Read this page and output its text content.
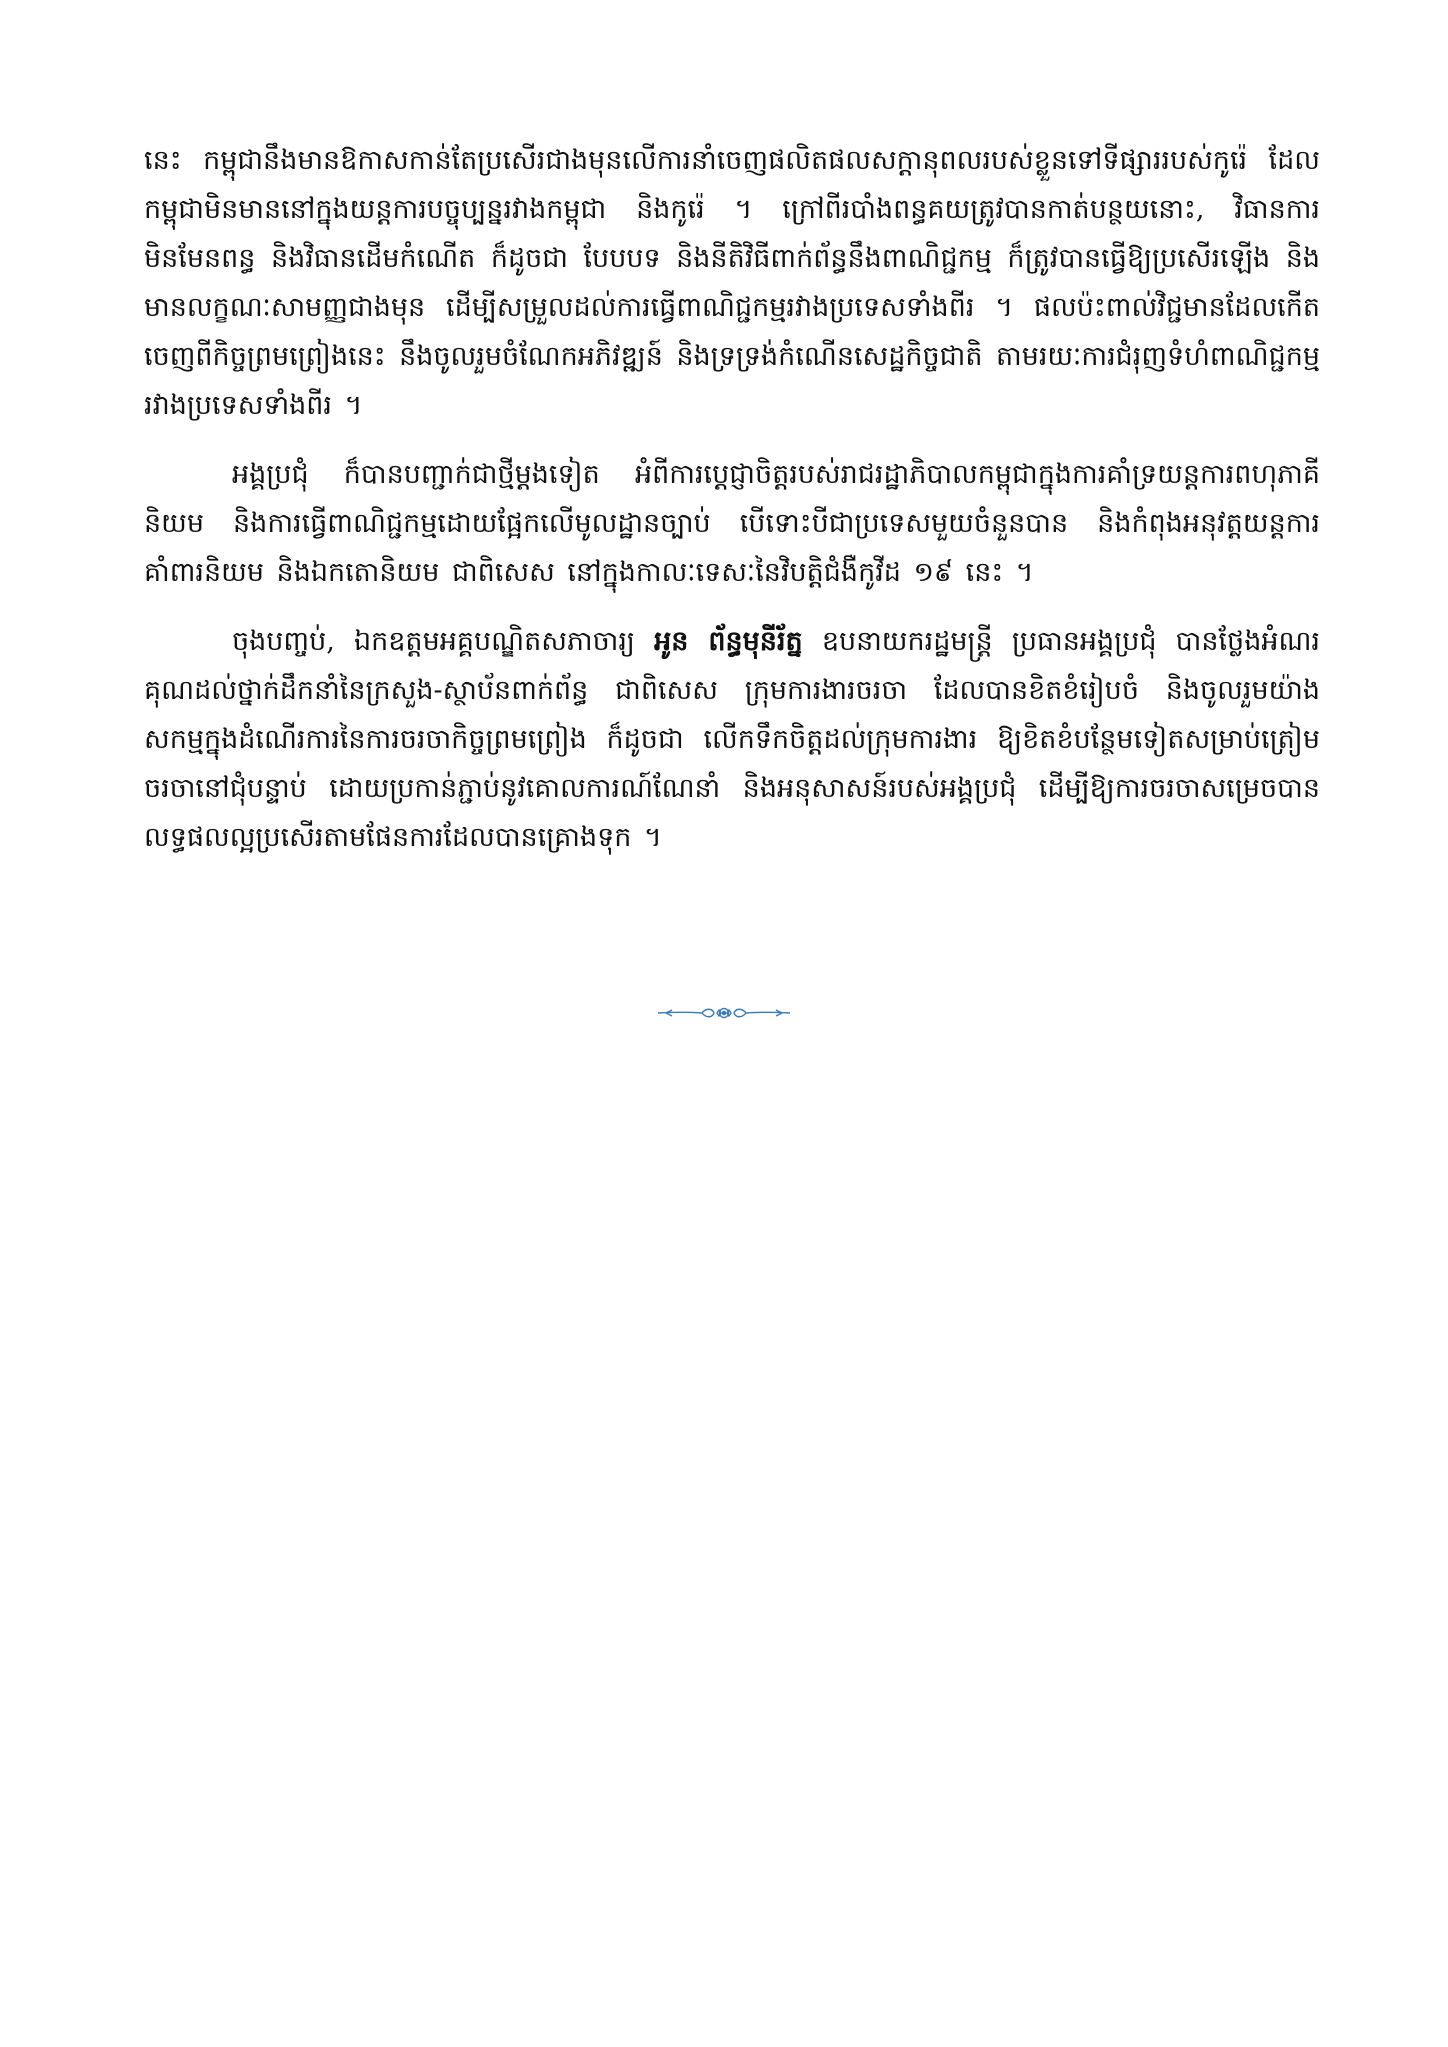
នេះ កម្ពុជានឹងមានឱកាសកាន់តែប្រសើរជាងមុនលើការនាំចេញផលិតផលសក្តានុពលរបស់ខ្លួនទៅទីផ្សាររបស់កូរ៉េ ដែលកម្ពុជាមិនមាននៅក្នុងយន្តការបច្ចុប្បន្នរវាងកម្ពុជា និងកូរ៉េ ។ ក្រៅពីរបាំងពន្ធគយត្រូវបានកាត់បន្ថយនោះ, វិធានការមិនមែនពន្ធ និងវិធានដើមកំណើត ក៏ដូចជា បែបបទ និងនីតិវិធីពាក់ព័ន្ធនឹងពាណិជ្ជកម្ម ក៏ត្រូវបានធ្វើឱ្យប្រសើរឡើង និងមានលក្ខណៈសាមញ្ញជាងមុន ដើម្បីសម្រួលដល់ការធ្វើពាណិជ្ជកម្មរវាងប្រទេសទាំងពីរ ។ ផលប៉ះពាល់វិជ្ជមានដែលកើតចេញពីកិច្ចព្រមព្រៀងនេះ នឹងចូលរួមចំណែកអភិវឌ្ឍន៍ និងទ្រទ្រង់កំណើនសេដ្ឋកិច្ចជាតិ តាមរយៈការជំរុញទំហំពាណិជ្ជកម្មរវាងប្រទេសទាំងពីរ ។

អង្គប្រជុំ ក៏បានបញ្ជាក់ជាថ្មីម្តងទៀត អំពីការប្តេជ្ញាចិត្តរបស់រាជរដ្ឋាភិបាលកម្ពុជាក្នុងការគាំទ្រយន្តការពហុភាគីនិយម និងការធ្វើពាណិជ្ជកម្មដោយផ្អែកលើមូលដ្ឋានច្បាប់ បើទោះបីជាប្រទេសមួយចំនួនបាន និងកំពុងអនុវត្តយន្តការគាំពារនិយម និងឯកតោនិយម ជាពិសេស នៅក្នុងកាលៈទេសៈនៃវិបត្តិជំងឺកូវីដ ១៩ នេះ ។

ចុងបញ្ចប់, ឯកឧត្តមអគ្គបណ្ឌិតសភាចារ្យ អូន ព័ន្ធមុនីរ័ត្ន ឧបនាយករដ្ឋមន្ត្រី ប្រធានអង្គប្រជុំ បានថ្លែងអំណរគុណដល់ថ្នាក់ដឹកនាំនៃក្រសួង-ស្ថាប័នពាក់ព័ន្ធ ជាពិសេស ក្រុមការងារចរចា ដែលបានខិតខំរៀបចំ និងចូលរួមយ៉ាងសកម្មក្នុងដំណើរការនៃការចរចាកិច្ចព្រមព្រៀង ក៏ដូចជា លើកទឹកចិត្តដល់ក្រុមការងារ ឱ្យខិតខំបន្ថែមទៀតសម្រាប់ត្រៀមចរចានៅជុំបន្ទាប់ ដោយប្រកាន់ភ្ជាប់នូវគោលការណ៍ណែនាំ និងអនុសាសន៍របស់អង្គប្រជុំ ដើម្បីឱ្យការចរចាសម្រេចបានលទ្ធផលល្អប្រសើរតាមផែនការដែលបានគ្រោងទុក ។
